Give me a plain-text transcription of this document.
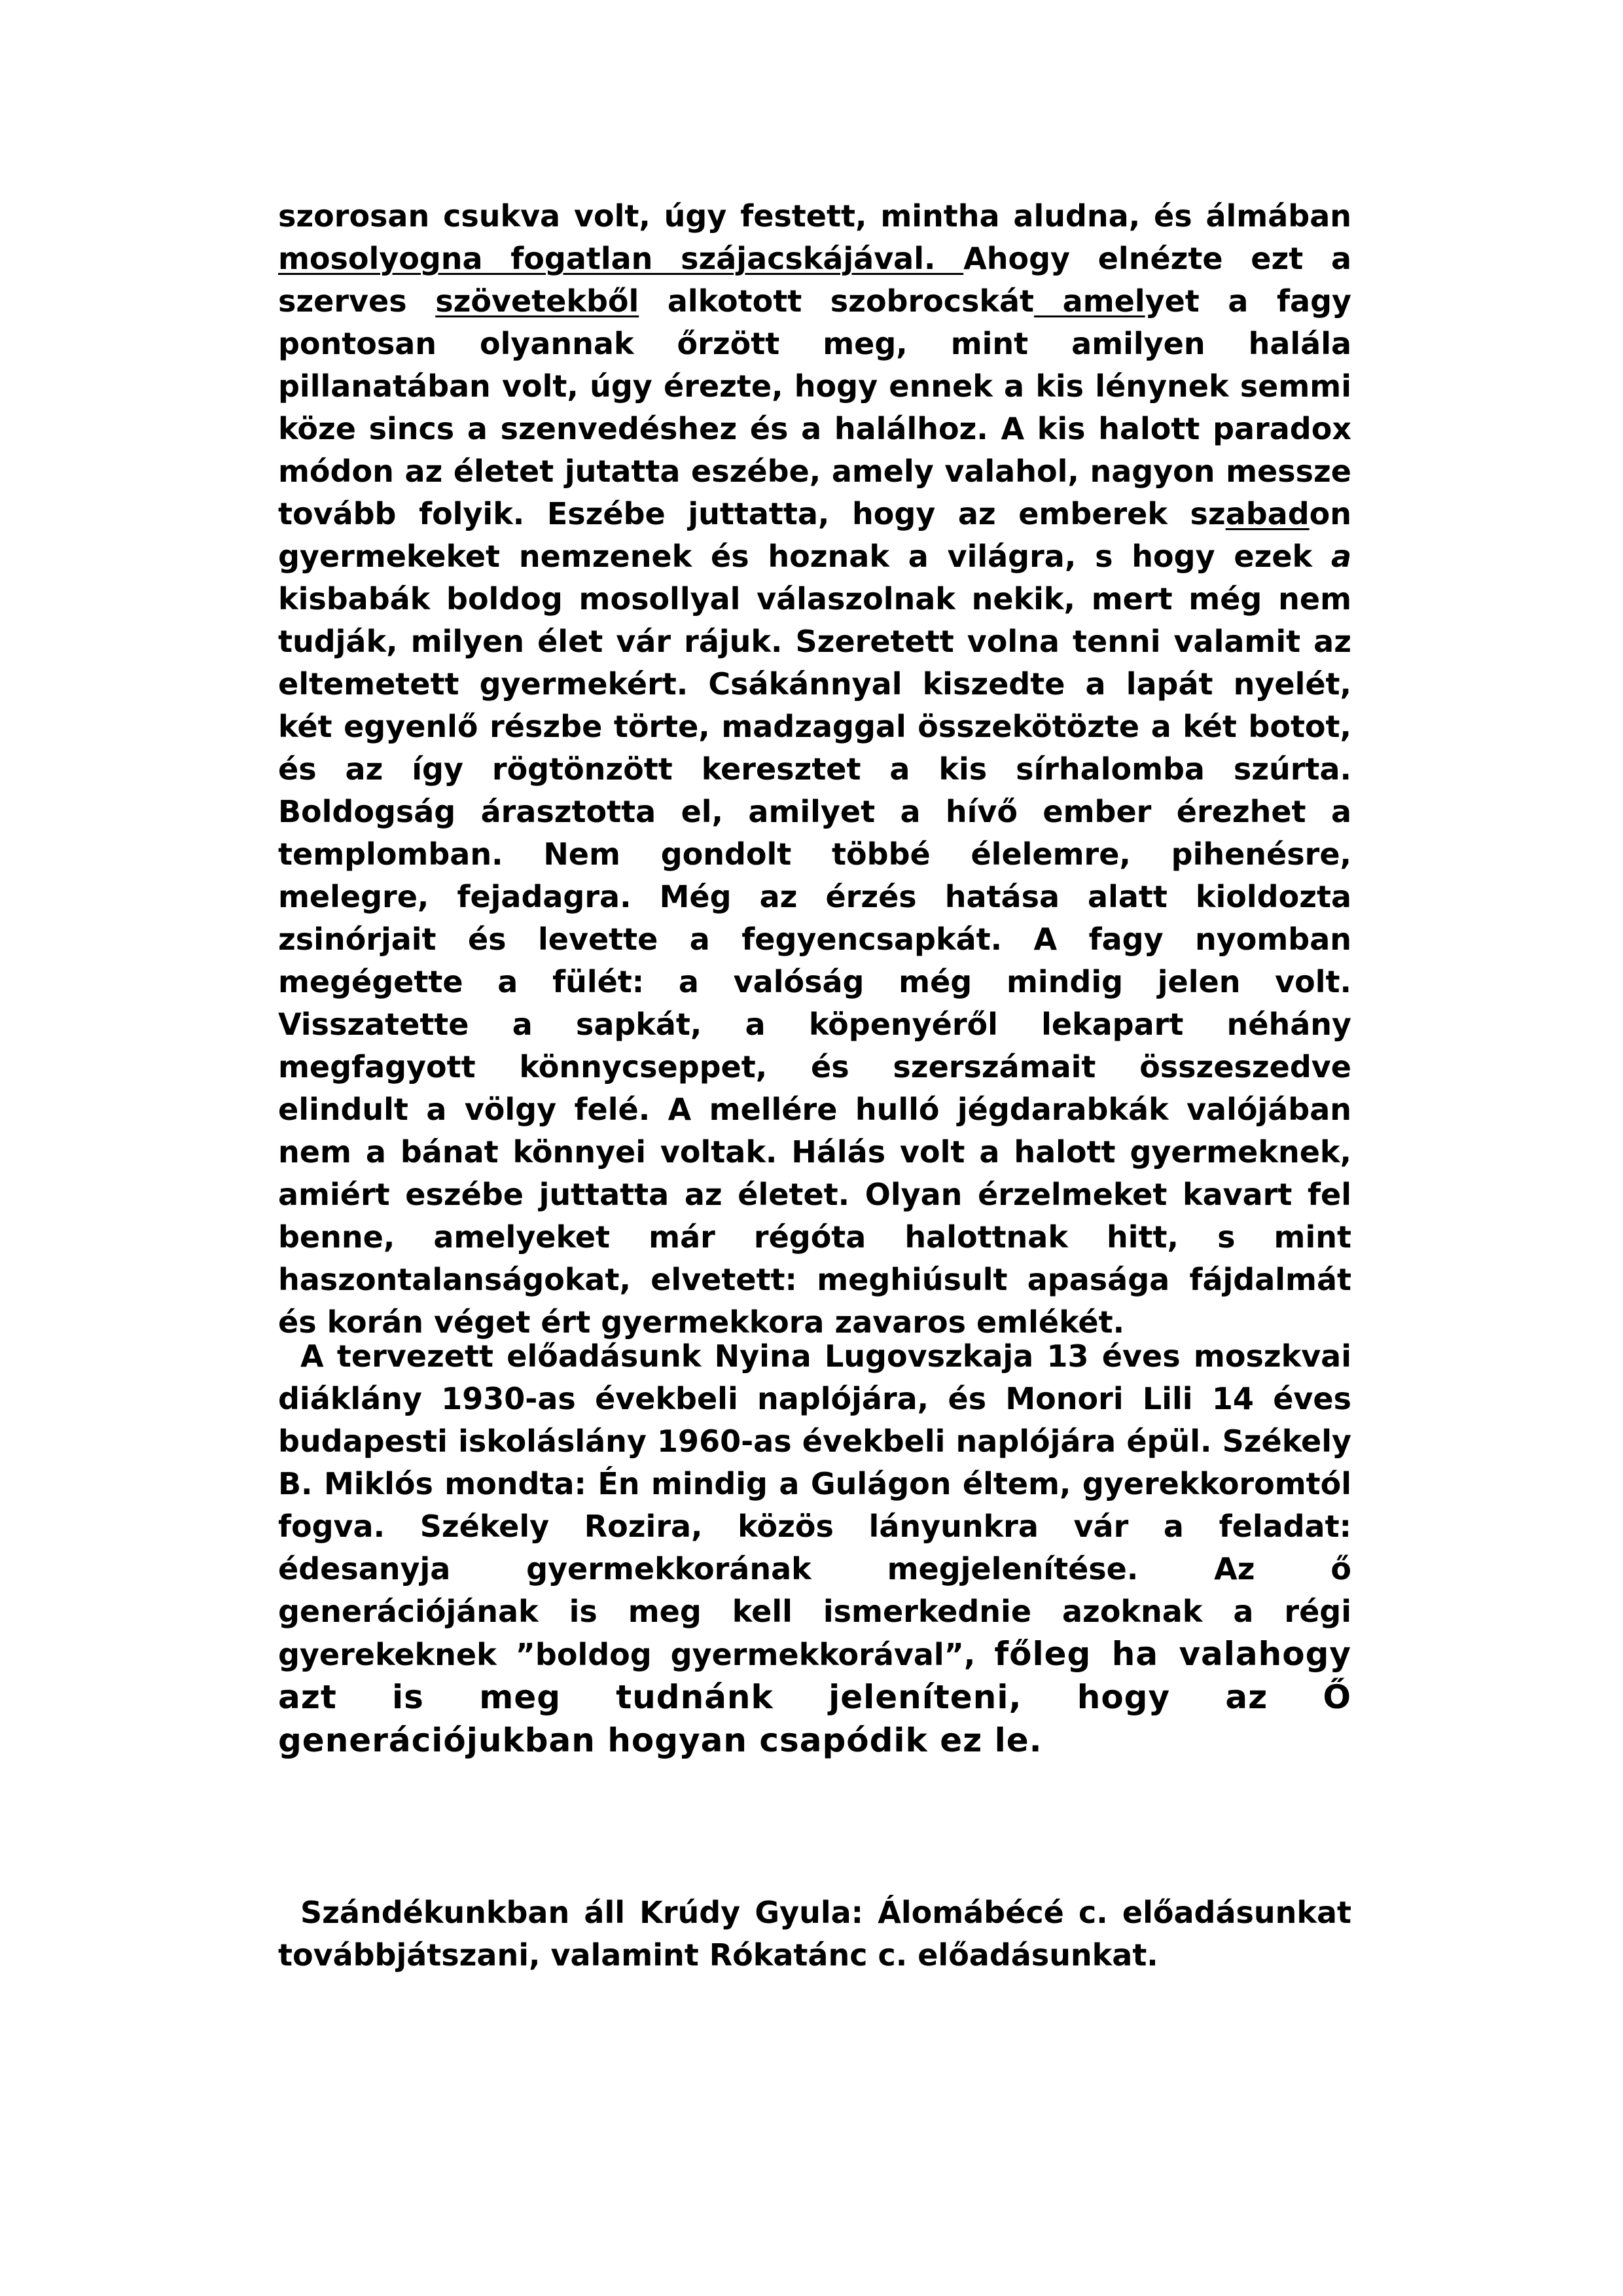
szorosan csukva volt, úgy festett, mintha aludna, és álmában mosolyogna fogatlan szájacskájával. Ahogy elnézte ezt a szerves szövetekből alkotott szobrocskát amelyet a fagy pontosan olyannak őrzött meg, mint amilyen halála pillanatában volt, úgy érezte, hogy ennek a kis lénynek semmi köze sincs a szenvedéshez és a halálhoz. A kis halott paradox módon az életet jutatta eszébe, amely valahol, nagyon messze tovább folyik. Eszébe juttatta, hogy az emberek szabadon gyermekeket nemzenek és hoznak a világra, s hogy ezek a kisbabák boldog mosollyal válaszolnak nekik, mert még nem tudják, milyen élet vár rájuk. Szeretett volna tenni valamit az eltemetett gyermekért. Csákánnyal kiszedte a lapát nyelét, két egyenlő részbe törte, madzaggal összekötözte a két botot, és az így rögtönzött keresztet a kis sírhalomba szúrta. Boldogság árasztotta el, amilyet a hívő ember érezhet a templomban. Nem gondolt többé élelemre, pihenésre, melegre, fejadagra. Még az érzés hatása alatt kioldozta zsinórjait és levette a fegyencsapkát. A fagy nyomban megégette a fülét: a valóság még mindig jelen volt. Visszatette a sapkát, a köpenyéről lekapart néhány megfagyott könnycseppet, és szerszámait összeszedve elindult a völgy felé. A mellére hulló jégdarabkák valójában nem a bánat könnyei voltak. Hálás volt a halott gyermeknek, amiért eszébe juttatta az életet. Olyan érzelmeket kavart fel benne, amelyeket már régóta halottnak hitt, s mint haszontalanságokat, elvetett: meghiúsult apasága fájdalmát és korán véget ért gyermekkora zavaros emlékét.
A tervezett előadásunk Nyina Lugovszkaja 13 éves moszkvai diáklány 1930-as évekbeli naplójára, és Monori Lili 14 éves budapesti iskoláslány 1960-as évekbeli naplójára épül. Székely B. Miklós mondta: Én mindig a Gulágon éltem, gyerekkoromtól fogva. Székely Rozira, közös lányunkra vár a feladat: édesanyja gyermekkorának megjelenítése. Az ő generációjának is meg kell ismerkednie azoknak a régi gyerekeknek ”boldog gyermekkorával”, főleg ha valahogy azt is meg tudnánk jeleníteni, hogy az Ő generációjukban hogyan csapódik ez le.
Szándékunkban áll Krúdy Gyula: Álomábécé c. előadásunkat továbbjátszani, valamint Rókatánc c. előadásunkat.
